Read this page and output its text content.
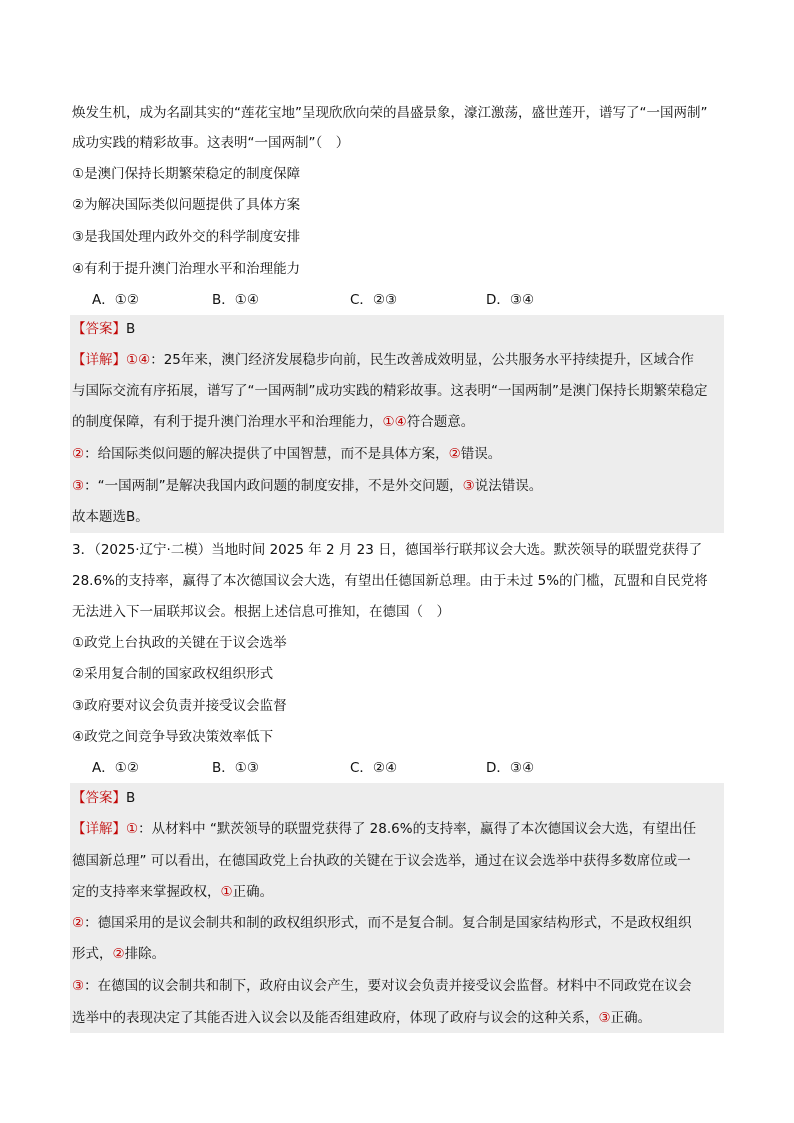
焕发生机，成为名副其实的“莲花宝地”呈现欣欣向荣的昌盛景象，濠江激荡，盛世莲开，谱写了“一国两制”
成功实践的精彩故事。这表明“一国两制”（　）
①是澳门保持长期繁荣稳定的制度保障
②为解决国际类似问题提供了具体方案
③是我国处理内政外交的科学制度安排
④有利于提升澳门治理水平和治理能力
A．①②	B．①④	C．②③	D．③④
【答案】B
【详解】①④：25年来，澳门经济发展稳步向前，民生改善成效明显，公共服务水平持续提升，区域合作
与国际交流有序拓展，谱写了“一国两制”成功实践的精彩故事。这表明“一国两制”是澳门保持长期繁荣稳定
的制度保障，有利于提升澳门治理水平和治理能力，①④符合题意。
②：给国际类似问题的解决提供了中国智慧，而不是具体方案，②错误。
③：“一国两制”是解决我国内政问题的制度安排，不是外交问题，③说法错误。
故本题选B。
3．（2025·辽宁·二模）当地时间 2025 年 2 月 23 日，德国举行联邦议会大选。默茨领导的联盟党获得了
28.6%的支持率，赢得了本次德国议会大选，有望出任德国新总理。由于未过 5%的门槛，瓦盟和自民党将
无法进入下一届联邦议会。根据上述信息可推知，在德国（　）
①政党上台执政的关键在于议会选举
②采用复合制的国家政权组织形式
③政府要对议会负责并接受议会监督
④政党之间竞争导致决策效率低下
A．①②	B．①③	C．②④	D．③④
【答案】B
【详解】①：从材料中 “默茨领导的联盟党获得了 28.6%的支持率，赢得了本次德国议会大选，有望出任
德国新总理” 可以看出，在德国政党上台执政的关键在于议会选举，通过在议会选举中获得多数席位或一
定的支持率来掌握政权，①正确。
②：德国采用的是议会制共和制的政权组织形式，而不是复合制。复合制是国家结构形式，不是政权组织
形式，②排除。
③：在德国的议会制共和制下，政府由议会产生，要对议会负责并接受议会监督。材料中不同政党在议会
选举中的表现决定了其能否进入议会以及能否组建政府，体现了政府与议会的这种关系，③正确。
